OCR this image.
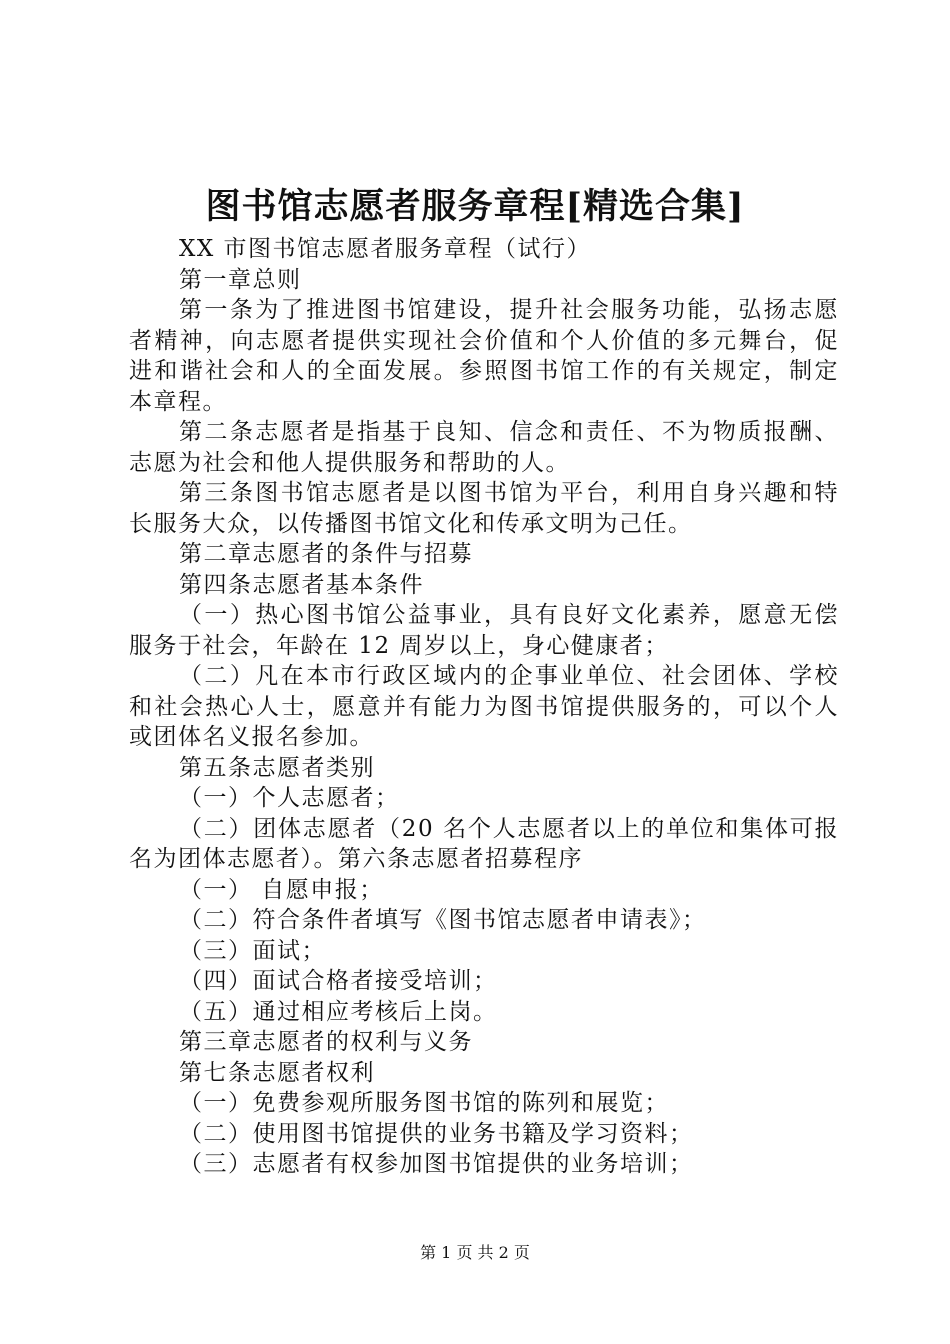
图书馆志愿者服务章程[精选合集]

XX 市图书馆志愿者服务章程（试行）

第一章总则

第一条为了推进图书馆建设，提升社会服务功能，弘扬志愿者精神，向志愿者提供实现社会价值和个人价值的多元舞台，促进和谐社会和人的全面发展。参照图书馆工作的有关规定，制定本章程。

第二条志愿者是指基于良知、信念和责任、不为物质报酬、志愿为社会和他人提供服务和帮助的人。

第三条图书馆志愿者是以图书馆为平台，利用自身兴趣和特长服务大众，以传播图书馆文化和传承文明为己任。

第二章志愿者的条件与招募

第四条志愿者基本条件

（一）热心图书馆公益事业，具有良好文化素养，愿意无偿服务于社会，年龄在 12 周岁以上，身心健康者；

（二）凡在本市行政区域内的企事业单位、社会团体、学校和社会热心人士，愿意并有能力为图书馆提供服务的，可以个人或团体名义报名参加。

第五条志愿者类别

（一）个人志愿者；

（二）团体志愿者（20 名个人志愿者以上的单位和集体可报名为团体志愿者）。第六条志愿者招募程序

（一） 自愿申报；

（二）符合条件者填写《图书馆志愿者申请表》；

（三）面试；

（四）面试合格者接受培训；

（五）通过相应考核后上岗。

第三章志愿者的权利与义务

第七条志愿者权利

（一）免费参观所服务图书馆的陈列和展览；

（二）使用图书馆提供的业务书籍及学习资料；

（三）志愿者有权参加图书馆提供的业务培训；

第 1 页 共 2 页
